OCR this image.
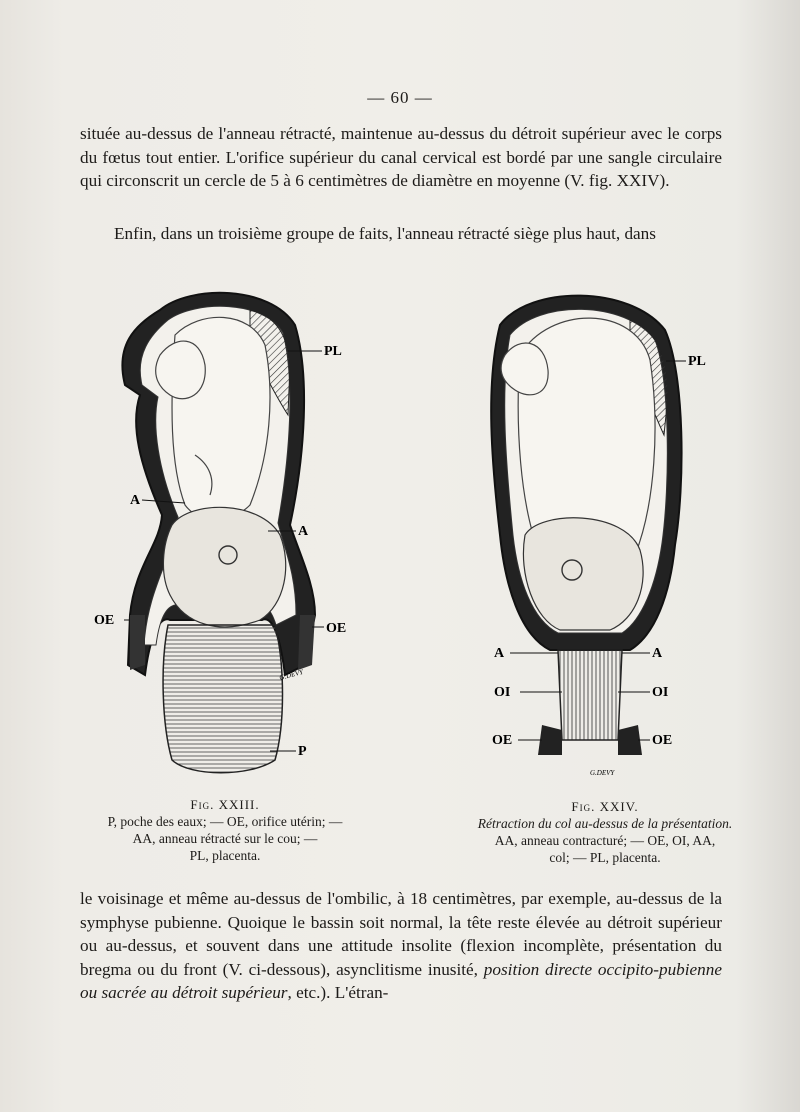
— 60 —

située au-dessus de l'anneau rétracté, maintenue au-dessus du détroit supérieur avec le corps du fœtus tout entier. L'orifice supérieur du canal cervical est bordé par une sangle circulaire qui circonscrit un cercle de 5 à 6 centimètres de diamètre en moyenne (V. fig. XXIV).

Enfin, dans un troisième groupe de faits, l'anneau rétracté siège plus haut, dans

PL
A
A
OE
OE
P
G.DEVY
PL
A	A
OI	OI
OE	OE
G.DEVY
Fig. XXIII.
P, poche des eaux; — OE, orifice utérin; —
AA, anneau rétracté sur le cou; —
PL, placenta.
Fig. XXIV.
Rétraction du col au-dessus de la présentation.
AA, anneau contracturé; — OE, OI, AA,
col; — PL, placenta.

le voisinage et même au-dessus de l'ombilic, à 18 centimètres, par exemple, au-dessus de la symphyse pubienne. Quoique le bassin soit normal, la tête reste élevée au détroit supérieur ou au-dessus, et souvent dans une attitude insolite (flexion incomplète, présentation du bregma ou du front (V. ci-dessous), asynclitisme inusité, position directe occipito-pubienne ou sacrée au détroit supérieur, etc.). L'étran-
